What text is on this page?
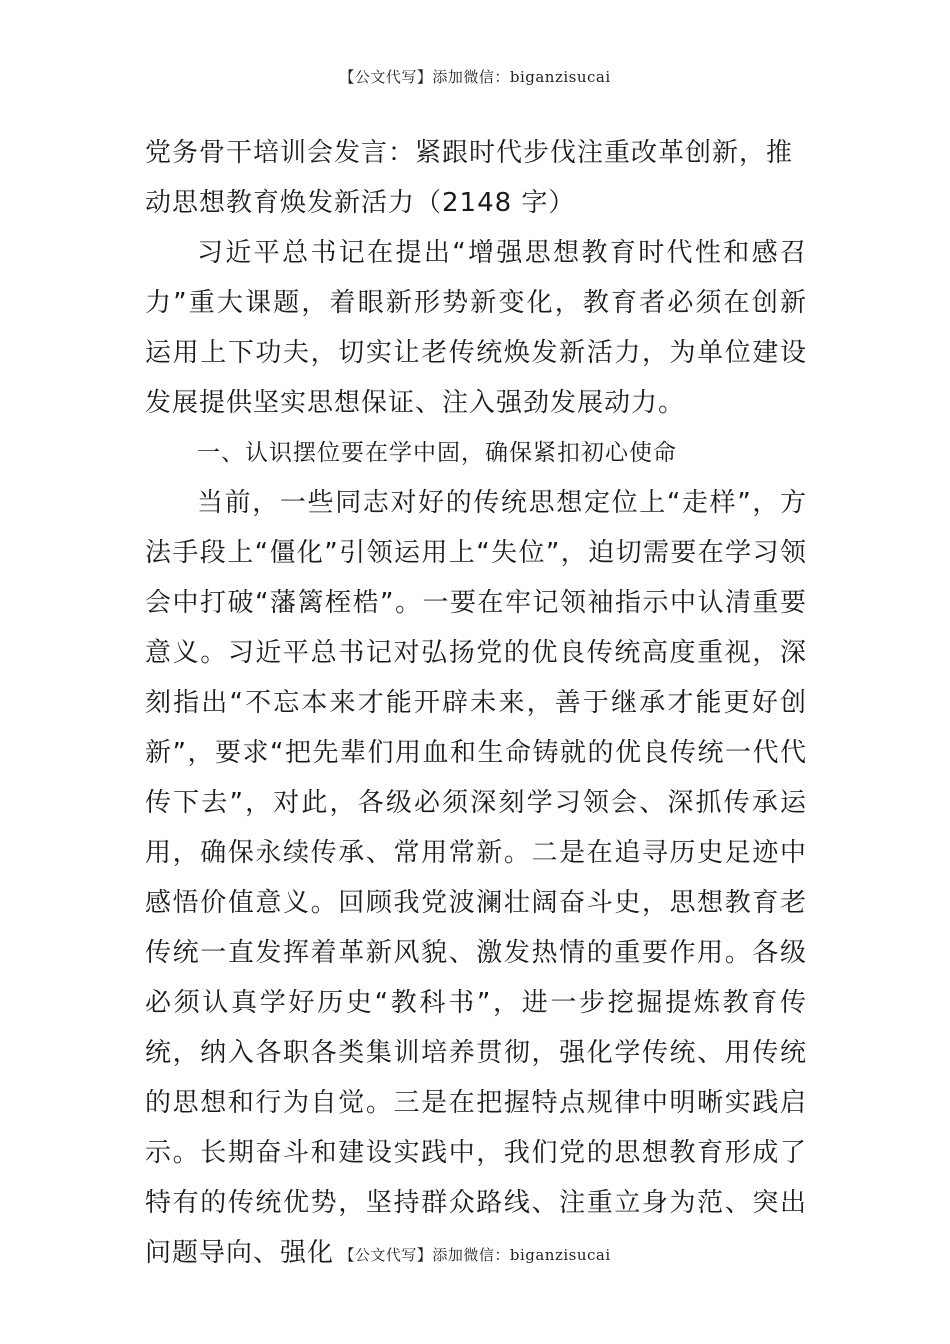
【公文代写】添加微信：biganzisucai

党务骨干培训会发言：紧跟时代步伐注重改革创新，推动思想教育焕发新活力（2148 字）

习近平总书记在提出“增强思想教育时代性和感召力”重大课题，着眼新形势新变化，教育者必须在创新运用上下功夫，切实让老传统焕发新活力，为单位建设发展提供坚实思想保证、注入强劲发展动力。

一、认识摆位要在学中固，确保紧扣初心使命

当前，一些同志对好的传统思想定位上“走样”，方法手段上“僵化”引领运用上“失位”，迫切需要在学习领会中打破“藩篱桎梏”。一要在牢记领袖指示中认清重要意义。习近平总书记对弘扬党的优良传统高度重视，深刻指出“不忘本来才能开辟未来，善于继承才能更好创新”，要求“把先辈们用血和生命铸就的优良传统一代代传下去”，对此，各级必须深刻学习领会、深抓传承运用，确保永续传承、常用常新。二是在追寻历史足迹中感悟价值意义。回顾我党波澜壮阔奋斗史，思想教育老传统一直发挥着革新风貌、激发热情的重要作用。各级必须认真学好历史“教科书”，进一步挖掘提炼教育传统，纳入各职各类集训培养贯彻，强化学传统、用传统的思想和行为自觉。三是在把握特点规律中明晰实践启示。长期奋斗和建设实践中，我们党的思想教育形成了特有的传统优势，坚持群众路线、注重立身为范、突出问题导向、强化 【公文代写】添加微信：biganzisucai
